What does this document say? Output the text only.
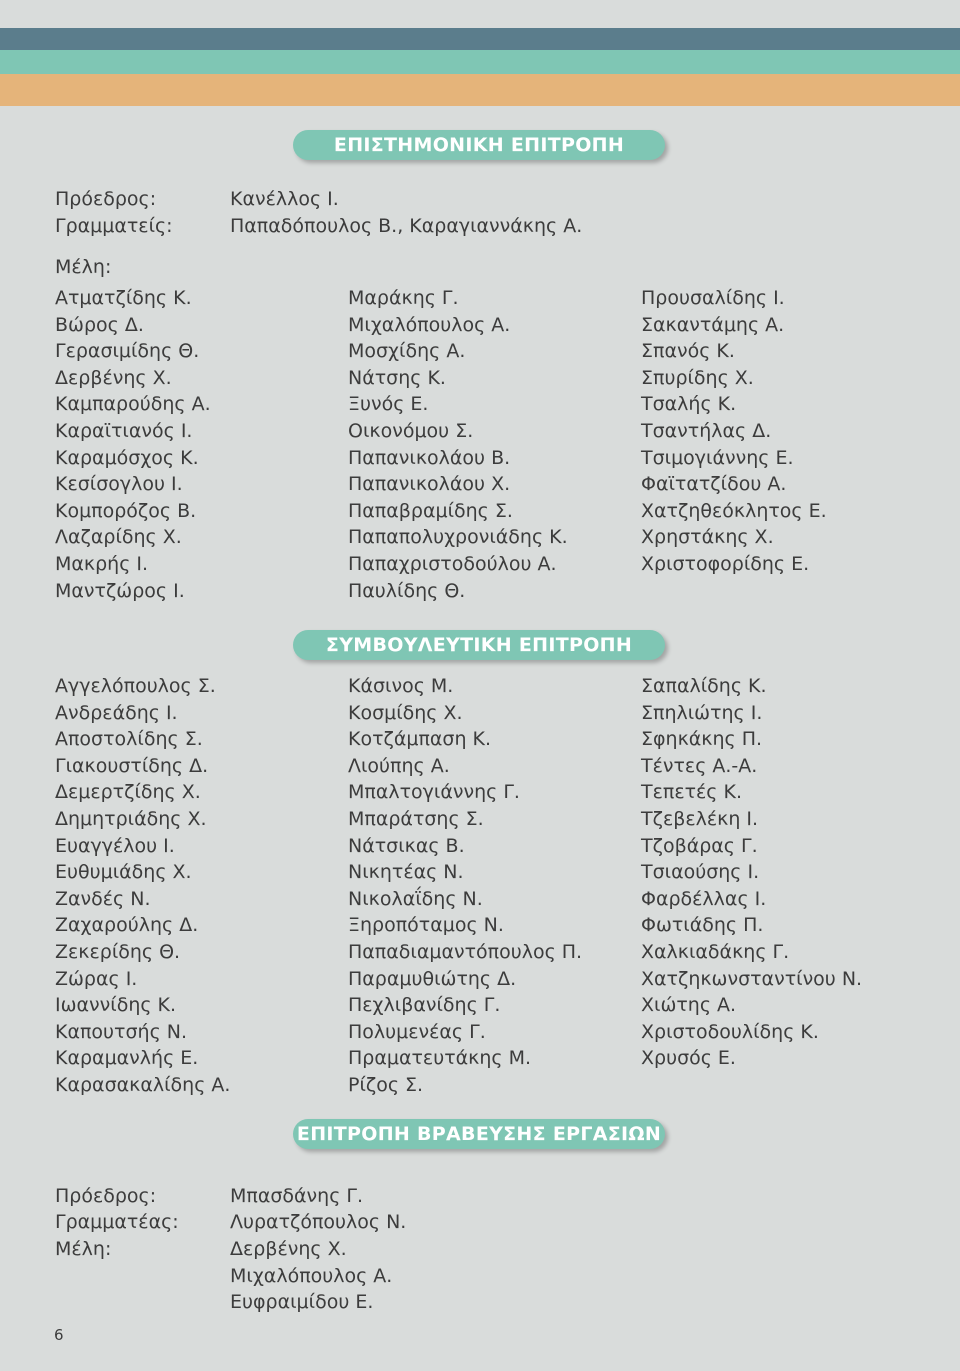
ΕΠΙΣΤΗΜΟΝΙΚΗ ΕΠΙΤΡΟΠΗ
Πρόεδρος:	Κανέλλος Ι.
Γραμματείς:	Παπαδόπουλος Β., Καραγιαννάκης Α.
Μέλη:
Ατματζίδης Κ.
Βώρος Δ.
Γερασιμίδης Θ.
Δερβένης Χ.
Καμπαρούδης Α.
Καραϊτιανός Ι.
Καραμόσχος Κ.
Κεσίσογλου Ι.
Κομπορόζος Β.
Λαζαρίδης Χ.
Μακρής Ι.
Μαντζώρος Ι.
Μαράκης Γ.
Μιχαλόπουλος Α.
Μοσχίδης Α.
Νάτσης Κ.
Ξυνός Ε.
Οικονόμου Σ.
Παπανικολάου Β.
Παπανικολάου Χ.
Παπαβραμίδης Σ.
Παπαπολυχρονιάδης Κ.
Παπαχριστοδούλου Α.
Παυλίδης Θ.
Προυσαλίδης Ι.
Σακαντάμης Α.
Σπανός Κ.
Σπυρίδης Χ.
Τσαλής Κ.
Τσαντήλας Δ.
Τσιμογιάννης Ε.
Φαϊτατζίδου Α.
Χατζηθεόκλητος Ε.
Χρηστάκης Χ.
Χριστοφορίδης Ε.
ΣΥΜΒΟΥΛΕΥΤΙΚΗ ΕΠΙΤΡΟΠΗ
Αγγελόπουλος Σ.
Ανδρεάδης Ι.
Αποστολίδης Σ.
Γιακουστίδης Δ.
Δεμερτζίδης Χ.
Δημητριάδης Χ.
Ευαγγέλου Ι.
Ευθυμιάδης Χ.
Ζανδές Ν.
Ζαχαρούλης Δ.
Ζεκερίδης Θ.
Ζώρας Ι.
Ιωαννίδης Κ.
Καπουτσής Ν.
Καραμανλής Ε.
Καρασακαλίδης Α.
Κάσινος Μ.
Κοσμίδης Χ.
Κοτζάμπαση Κ.
Λιούπης Α.
Μπαλτογιάννης Γ.
Μπαράτσης Σ.
Νάτσικας Β.
Νικητέας Ν.
Νικολαΐδης Ν.
Ξηροπόταμος Ν.
Παπαδιαμαντόπουλος Π.
Παραμυθιώτης Δ.
Πεχλιβανίδης Γ.
Πολυμενέας Γ.
Πραματευτάκης Μ.
Ρίζος Σ.
Σαπαλίδης Κ.
Σπηλιώτης Ι.
Σφηκάκης Π.
Τέντες Α.-Α.
Τεπετές Κ.
Τζεβελέκη Ι.
Τζοβάρας Γ.
Τσιαούσης Ι.
Φαρδέλλας Ι.
Φωτιάδης Π.
Χαλκιαδάκης Γ.
Χατζηκωνσταντίνου Ν.
Χιώτης Α.
Χριστοδουλίδης Κ.
Χρυσός Ε.
ΕΠΙΤΡΟΠΗ ΒΡΑΒΕΥΣΗΣ ΕΡΓΑΣΙΩΝ
Πρόεδρος:	Μπασδάνης Γ.
Γραμματέας:	Λυρατζόπουλος Ν.
Μέλη:	Δερβένης Χ.
Μιχαλόπουλος Α.
Ευφραιμίδου Ε.
6
